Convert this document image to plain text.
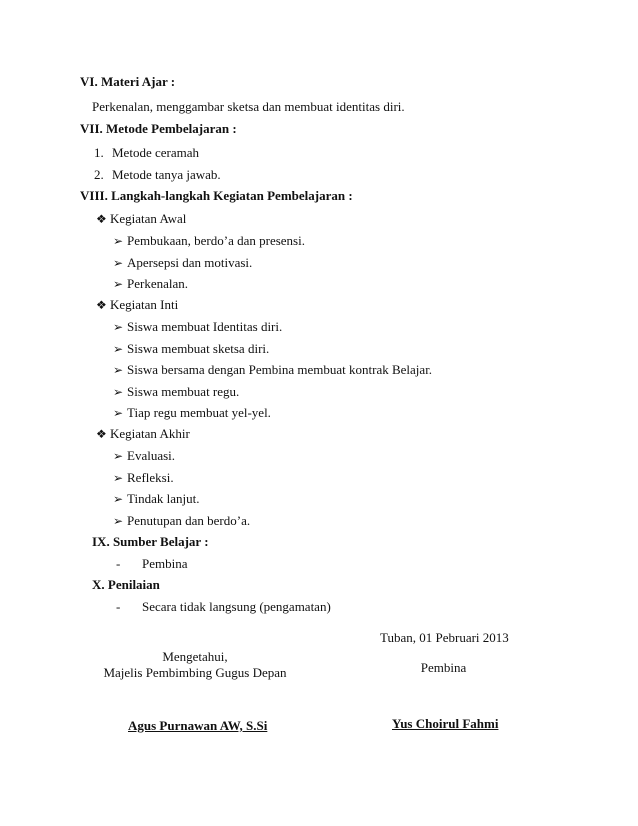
VI. Materi Ajar :
Perkenalan, menggambar sketsa dan membuat identitas diri.
VII. Metode Pembelajaran :
1. Metode ceramah
2. Metode tanya jawab.
VIII. Langkah-langkah Kegiatan Pembelajaran :
❖ Kegiatan Awal
➢ Pembukaan, berdo’a dan presensi.
➢ Apersepsi dan motivasi.
➢ Perkenalan.
❖ Kegiatan Inti
➢ Siswa membuat Identitas diri.
➢ Siswa membuat sketsa diri.
➢ Siswa bersama dengan Pembina membuat kontrak Belajar.
➢ Siswa membuat regu.
➢ Tiap regu membuat yel-yel.
❖ Kegiatan Akhir
➢ Evaluasi.
➢ Refleksi.
➢ Tindak lanjut.
➢ Penutupan dan berdo’a.
IX. Sumber Belajar :
- Pembina
X. Penilaian
- Secara tidak langsung (pengamatan)
Tuban, 01 Pebruari 2013
Mengetahui,
Majelis Pembimbing Gugus Depan	Pembina
Agus Purnawan AW, S.Si	Yus Choirul Fahmi
